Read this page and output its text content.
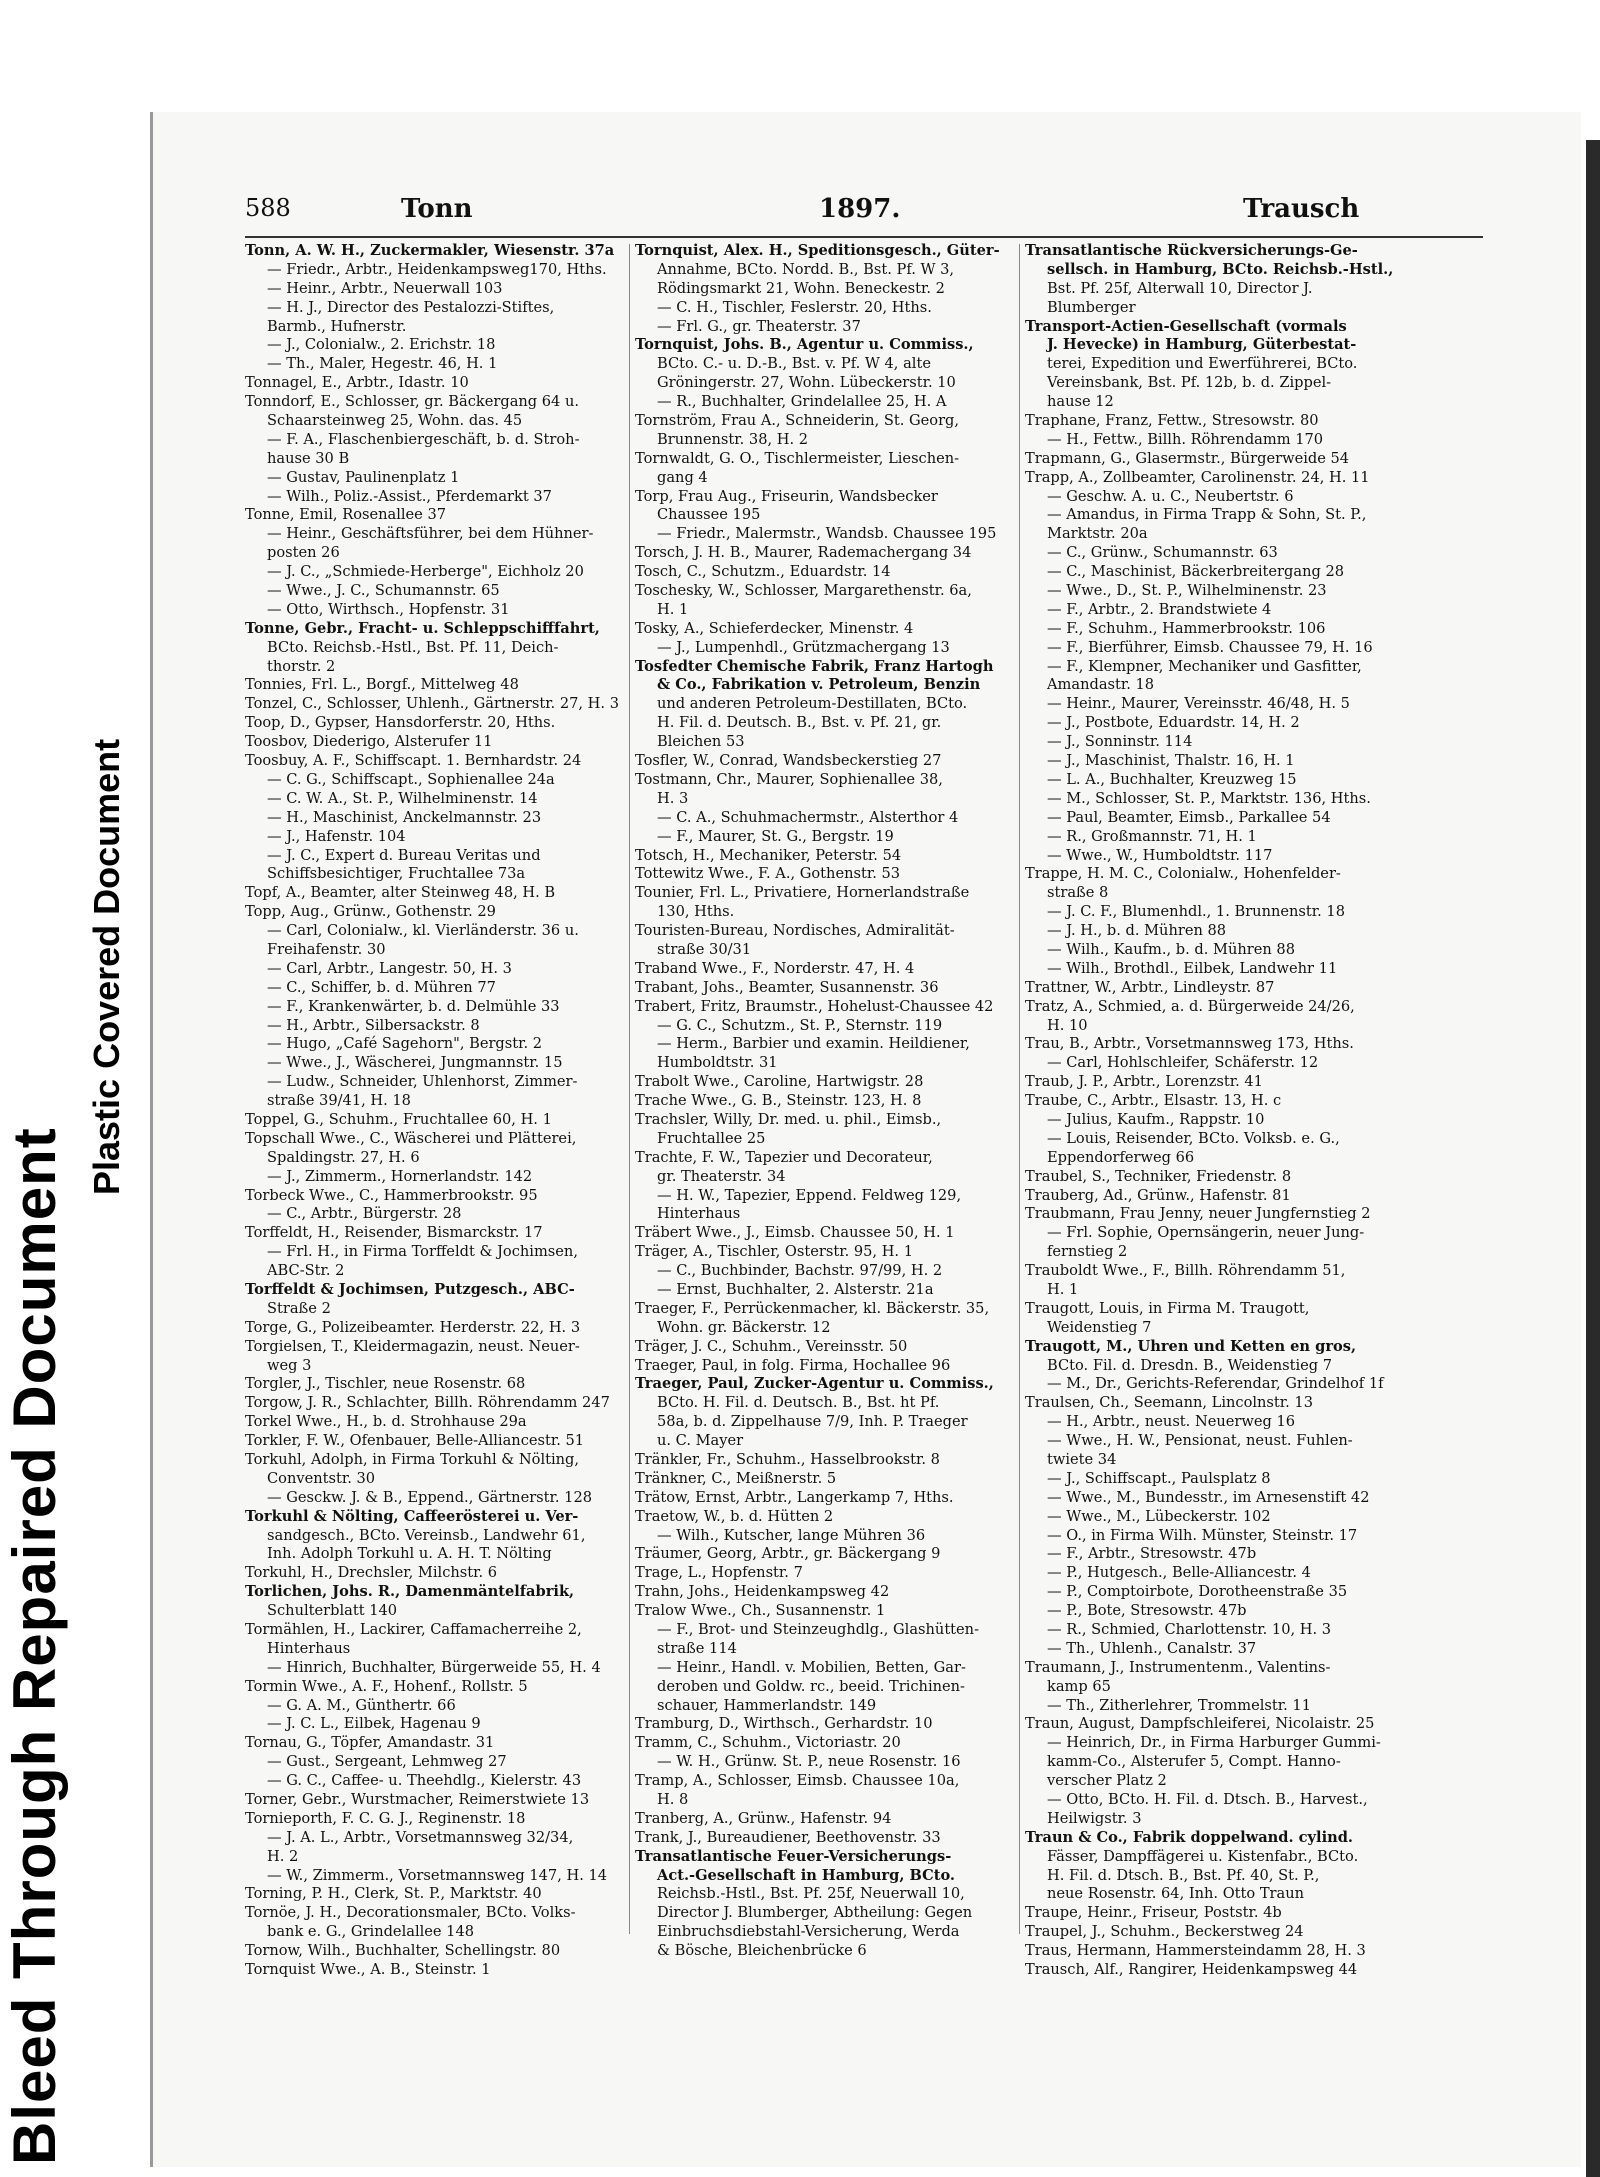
Bleed Through Repaired Document
Plastic Covered Document
588	Tonn	1897.	Trausch
Tonn, A. W. H., Zuckermakler, Wiesenstr. 37a
— Friedr., Arbtr., Heidenkampsweg170, Hths.
— Heinr., Arbtr., Neuerwall 103
— H. J., Director des Pestalozzi-Stiftes,
Barmb., Hufnerstr.
— J., Colonialw., 2. Erichstr. 18
— Th., Maler, Hegestr. 46, H. 1
Tonnagel, E., Arbtr., Idastr. 10
Tonndorf, E., Schlosser, gr. Bäckergang 64 u.
Schaarsteinweg 25, Wohn. das. 45
— F. A., Flaschenbiergeschäft, b. d. Stroh-
hause 30 B
— Gustav, Paulinenplatz 1
— Wilh., Poliz.-Assist., Pferdemarkt 37
Tonne, Emil, Rosenallee 37
— Heinr., Geschäftsführer, bei dem Hühner-
posten 26
— J. C., „Schmiede-Herberge", Eichholz 20
— Wwe., J. C., Schumannstr. 65
— Otto, Wirthsch., Hopfenstr. 31
Tonne, Gebr., Fracht- u. Schleppschifffahrt,
BCto. Reichsb.-Hstl., Bst. Pf. 11, Deich-
thorstr. 2
Tonnies, Frl. L., Borgf., Mittelweg 48
Tonzel, C., Schlosser, Uhlenh., Gärtnerstr. 27, H. 3
Toop, D., Gypser, Hansdorferstr. 20, Hths.
Toosbov, Diederigo, Alsterufer 11
Toosbuy, A. F., Schiffscapt. 1. Bernhardstr. 24
— C. G., Schiffscapt., Sophienallee 24a
— C. W. A., St. P., Wilhelminenstr. 14
— H., Maschinist, Anckelmannstr. 23
— J., Hafenstr. 104
— J. C., Expert d. Bureau Veritas und
Schiffsbesichtiger, Fruchtallee 73a
Topf, A., Beamter, alter Steinweg 48, H. B
Topp, Aug., Grünw., Gothenstr. 29
— Carl, Colonialw., kl. Vierländerstr. 36 u.
Freihafenstr. 30
— Carl, Arbtr., Langestr. 50, H. 3
— C., Schiffer, b. d. Mühren 77
— F., Krankenwärter, b. d. Delmühle 33
— H., Arbtr., Silbersackstr. 8
— Hugo, „Café Sagehorn", Bergstr. 2
— Wwe., J., Wäscherei, Jungmannstr. 15
— Ludw., Schneider, Uhlenhorst, Zimmer-
straße 39/41, H. 18
Toppel, G., Schuhm., Fruchtallee 60, H. 1
Topschall Wwe., C., Wäscherei und Plätterei,
Spaldingstr. 27, H. 6
— J., Zimmerm., Hornerlandstr. 142
Torbeck Wwe., C., Hammerbrookstr. 95
— C., Arbtr., Bürgerstr. 28
Torffeldt, H., Reisender, Bismarckstr. 17
— Frl. H., in Firma Torffeldt & Jochimsen,
ABC-Str. 2
Torffeldt & Jochimsen, Putzgesch., ABC-
Straße 2
Torge, G., Polizeibeamter. Herderstr. 22, H. 3
Torgielsen, T., Kleidermagazin, neust. Neuer-
weg 3
Torgler, J., Tischler, neue Rosenstr. 68
Torgow, J. R., Schlachter, Billh. Röhrendamm 247
Torkel Wwe., H., b. d. Strohhause 29a
Torkler, F. W., Ofenbauer, Belle-Alliancestr. 51
Torkuhl, Adolph, in Firma Torkuhl & Nölting,
Conventstr. 30
— Gesckw. J. & B., Eppend., Gärtnerstr. 128
Torkuhl & Nölting, Caffeerösterei u. Ver-
sandgesch., BCto. Vereinsb., Landwehr 61,
Inh. Adolph Torkuhl u. A. H. T. Nölting
Torkuhl, H., Drechsler, Milchstr. 6
Torlichen, Johs. R., Damenmäntelfabrik,
Schulterblatt 140
Tormählen, H., Lackirer, Caffamacherreihe 2,
Hinterhaus
— Hinrich, Buchhalter, Bürgerweide 55, H. 4
Tormin Wwe., A. F., Hohenf., Rollstr. 5
— G. A. M., Günthertr. 66
— J. C. L., Eilbek, Hagenau 9
Tornau, G., Töpfer, Amandastr. 31
— Gust., Sergeant, Lehmweg 27
— G. C., Caffee- u. Theehdlg., Kielerstr. 43
Torner, Gebr., Wurstmacher, Reimerstwiete 13
Tornieporth, F. C. G. J., Reginenstr. 18
— J. A. L., Arbtr., Vorsetmannsweg 32/34,
H. 2
— W., Zimmerm., Vorsetmannsweg 147, H. 14
Torning, P. H., Clerk, St. P., Marktstr. 40
Tornöe, J. H., Decorationsmaler, BCto. Volks-
bank e. G., Grindelallee 148
Tornow, Wilh., Buchhalter, Schellingstr. 80
Tornquist Wwe., A. B., Steinstr. 1
Tornquist, Alex. H., Speditionsgesch., Güter-
Annahme, BCto. Nordd. B., Bst. Pf. W 3,
Rödingsmarkt 21, Wohn. Beneckestr. 2
— C. H., Tischler, Feslerstr. 20, Hths.
— Frl. G., gr. Theaterstr. 37
Tornquist, Johs. B., Agentur u. Commiss.,
BCto. C.- u. D.-B., Bst. v. Pf. W 4, alte
Gröningerstr. 27, Wohn. Lübeckerstr. 10
— R., Buchhalter, Grindelallee 25, H. A
Tornström, Frau A., Schneiderin, St. Georg,
Brunnenstr. 38, H. 2
Tornwaldt, G. O., Tischlermeister, Lieschen-
gang 4
Torp, Frau Aug., Friseurin, Wandsbecker
Chaussee 195
— Friedr., Malermstr., Wandsb. Chaussee 195
Torsch, J. H. B., Maurer, Rademachergang 34
Tosch, C., Schutzm., Eduardstr. 14
Toschesky, W., Schlosser, Margarethenstr. 6a,
H. 1
Tosky, A., Schieferdecker, Minenstr. 4
— J., Lumpenhdl., Grützmachergang 13
Tosfedter Chemische Fabrik, Franz Hartogh
& Co., Fabrikation v. Petroleum, Benzin
und anderen Petroleum-Destillaten, BCto.
H. Fil. d. Deutsch. B., Bst. v. Pf. 21, gr.
Bleichen 53
Tosfler, W., Conrad, Wandsbeckerstieg 27
Tostmann, Chr., Maurer, Sophienallee 38,
H. 3
— C. A., Schuhmachermstr., Alsterthor 4
— F., Maurer, St. G., Bergstr. 19
Totsch, H., Mechaniker, Peterstr. 54
Tottewitz Wwe., F. A., Gothenstr. 53
Tounier, Frl. L., Privatiere, Hornerlandstraße
130, Hths.
Touristen-Bureau, Nordisches, Admiralität-
straße 30/31
Traband Wwe., F., Norderstr. 47, H. 4
Trabant, Johs., Beamter, Susannenstr. 36
Trabert, Fritz, Braumstr., Hohelust-Chaussee 42
— G. C., Schutzm., St. P., Sternstr. 119
— Herm., Barbier und examin. Heildiener,
Humboldtstr. 31
Trabolt Wwe., Caroline, Hartwigstr. 28
Trache Wwe., G. B., Steinstr. 123, H. 8
Trachsler, Willy, Dr. med. u. phil., Eimsb.,
Fruchtallee 25
Trachte, F. W., Tapezier und Decorateur,
gr. Theaterstr. 34
— H. W., Tapezier, Eppend. Feldweg 129,
Hinterhaus
Träbert Wwe., J., Eimsb. Chaussee 50, H. 1
Träger, A., Tischler, Osterstr. 95, H. 1
— C., Buchbinder, Bachstr. 97/99, H. 2
— Ernst, Buchhalter, 2. Alsterstr. 21a
Traeger, F., Perrückenmacher, kl. Bäckerstr. 35,
Wohn. gr. Bäckerstr. 12
Träger, J. C., Schuhm., Vereinsstr. 50
Traeger, Paul, in folg. Firma, Hochallee 96
Traeger, Paul, Zucker-Agentur u. Commiss.,
BCto. H. Fil. d. Deutsch. B., Bst. ht Pf.
58a, b. d. Zippelhause 7/9, Inh. P. Traeger
u. C. Mayer
Tränkler, Fr., Schuhm., Hasselbrookstr. 8
Tränkner, C., Meißnerstr. 5
Trätow, Ernst, Arbtr., Langerkamp 7, Hths.
Traetow, W., b. d. Hütten 2
— Wilh., Kutscher, lange Mühren 36
Träumer, Georg, Arbtr., gr. Bäckergang 9
Trage, L., Hopfenstr. 7
Trahn, Johs., Heidenkampsweg 42
Tralow Wwe., Ch., Susannenstr. 1
— F., Brot- und Steinzeughdlg., Glashütten-
straße 114
— Heinr., Handl. v. Mobilien, Betten, Gar-
deroben und Goldw. rc., beeid. Trichinen-
schauer, Hammerlandstr. 149
Tramburg, D., Wirthsch., Gerhardstr. 10
Tramm, C., Schuhm., Victoriastr. 20
— W. H., Grünw. St. P., neue Rosenstr. 16
Tramp, A., Schlosser, Eimsb. Chaussee 10a,
H. 8
Tranberg, A., Grünw., Hafenstr. 94
Trank, J., Bureaudiener, Beethovenstr. 33
Transatlantische Feuer-Versicherungs-
Act.-Gesellschaft in Hamburg, BCto.
Reichsb.-Hstl., Bst. Pf. 25f, Neuerwall 10,
Director J. Blumberger, Abtheilung: Gegen
Einbruchsdiebstahl-Versicherung, Werda
& Bösche, Bleichenbrücke 6
Transatlantische Rückversicherungs-Ge-
sellsch. in Hamburg, BCto. Reichsb.-Hstl.,
Bst. Pf. 25f, Alterwall 10, Director J.
Blumberger
Transport-Actien-Gesellschaft (vormals
J. Hevecke) in Hamburg, Güterbestat-
terei, Expedition und Ewerführerei, BCto.
Vereinsbank, Bst. Pf. 12b, b. d. Zippel-
hause 12
Traphane, Franz, Fettw., Stresowstr. 80
— H., Fettw., Billh. Röhrendamm 170
Trapmann, G., Glasermstr., Bürgerweide 54
Trapp, A., Zollbeamter, Carolinenstr. 24, H. 11
— Geschw. A. u. C., Neubertstr. 6
— Amandus, in Firma Trapp & Sohn, St. P.,
Marktstr. 20a
— C., Grünw., Schumannstr. 63
— C., Maschinist, Bäckerbreitergang 28
— Wwe., D., St. P., Wilhelminenstr. 23
— F., Arbtr., 2. Brandstwiete 4
— F., Schuhm., Hammerbrookstr. 106
— F., Bierführer, Eimsb. Chaussee 79, H. 16
— F., Klempner, Mechaniker und Gasfitter,
Amandastr. 18
— Heinr., Maurer, Vereinsstr. 46/48, H. 5
— J., Postbote, Eduardstr. 14, H. 2
— J., Sonninstr. 114
— J., Maschinist, Thalstr. 16, H. 1
— L. A., Buchhalter, Kreuzweg 15
— M., Schlosser, St. P., Marktstr. 136, Hths.
— Paul, Beamter, Eimsb., Parkallee 54
— R., Großmannstr. 71, H. 1
— Wwe., W., Humboldtstr. 117
Trappe, H. M. C., Colonialw., Hohenfelder-
straße 8
— J. C. F., Blumenhdl., 1. Brunnenstr. 18
— J. H., b. d. Mühren 88
— Wilh., Kaufm., b. d. Mühren 88
— Wilh., Brothdl., Eilbek, Landwehr 11
Trattner, W., Arbtr., Lindleystr. 87
Tratz, A., Schmied, a. d. Bürgerweide 24/26,
H. 10
Trau, B., Arbtr., Vorsetmannsweg 173, Hths.
— Carl, Hohlschleifer, Schäferstr. 12
Traub, J. P., Arbtr., Lorenzstr. 41
Traube, C., Arbtr., Elsastr. 13, H. c
— Julius, Kaufm., Rappstr. 10
— Louis, Reisender, BCto. Volksb. e. G.,
Eppendorferweg 66
Traubel, S., Techniker, Friedenstr. 8
Trauberg, Ad., Grünw., Hafenstr. 81
Traubmann, Frau Jenny, neuer Jungfernstieg 2
— Frl. Sophie, Opernsängerin, neuer Jung-
fernstieg 2
Trauboldt Wwe., F., Billh. Röhrendamm 51,
H. 1
Traugott, Louis, in Firma M. Traugott,
Weidenstieg 7
Traugott, M., Uhren und Ketten en gros,
BCto. Fil. d. Dresdn. B., Weidenstieg 7
— M., Dr., Gerichts-Referendar, Grindelhof 1f
Traulsen, Ch., Seemann, Lincolnstr. 13
— H., Arbtr., neust. Neuerweg 16
— Wwe., H. W., Pensionat, neust. Fuhlen-
twiete 34
— J., Schiffscapt., Paulsplatz 8
— Wwe., M., Bundesstr., im Arnesenstift 42
— Wwe., M., Lübeckerstr. 102
— O., in Firma Wilh. Münster, Steinstr. 17
— F., Arbtr., Stresowstr. 47b
— P., Hutgesch., Belle-Alliancestr. 4
— P., Comptoirbote, Dorotheenstraße 35
— P., Bote, Stresowstr. 47b
— R., Schmied, Charlottenstr. 10, H. 3
— Th., Uhlenh., Canalstr. 37
Traumann, J., Instrumentenm., Valentins-
kamp 65
— Th., Zitherlehrer, Trommelstr. 11
Traun, August, Dampfschleiferei, Nicolaistr. 25
— Heinrich, Dr., in Firma Harburger Gummi-
kamm-Co., Alsterufer 5, Compt. Hanno-
verscher Platz 2
— Otto, BCto. H. Fil. d. Dtsch. B., Harvest.,
Heilwigstr. 3
Traun & Co., Fabrik doppelwand. cylind.
Fässer, Dampffägerei u. Kistenfabr., BCto.
H. Fil. d. Dtsch. B., Bst. Pf. 40, St. P.,
neue Rosenstr. 64, Inh. Otto Traun
Traupe, Heinr., Friseur, Poststr. 4b
Traupel, J., Schuhm., Beckerstweg 24
Traus, Hermann, Hammersteindamm 28, H. 3
Trausch, Alf., Rangirer, Heidenkampsweg 44
